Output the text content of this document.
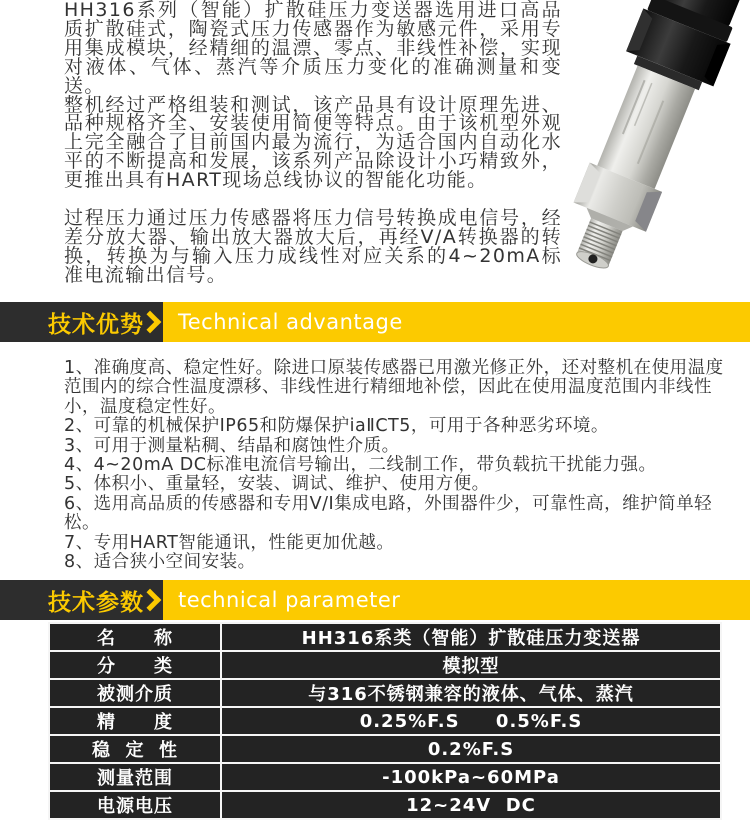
HH316系列（智能）扩散硅压力变送器选用进口高品质扩散硅式，陶瓷式压力传感器作为敏感元件，采用专用集成模块，经精细的温漂、零点、非线性补偿，实现对液体、气体、蒸汽等介质压力变化的准确测量和变送。

整机经过严格组装和测试，该产品具有设计原理先进、品种规格齐全、安装使用简便等特点。由于该机型外观上完全融合了目前国内最为流行，为适合国内自动化水平的不断提高和发展，该系列产品除设计小巧精致外，更推出具有HART现场总线协议的智能化功能。

过程压力通过压力传感器将压力信号转换成电信号，经差分放大器、输出放大器放大后，再经V/A转换器的转换，转换为与输入压力成线性对应关系的4~20mA标准电流输出信号。

Technical advantage
技术优势

1、准确度高、稳定性好。除进口原装传感器已用激光修正外，还对整机在使用温度范围内的综合性温度漂移、非线性进行精细地补偿，因此在使用温度范围内非线性小，温度稳定性好。

2、可靠的机械保护IP65和防爆保护iaⅡCT5，可用于各种恶劣环境。

3、可用于测量粘稠、结晶和腐蚀性介质。

4、4~20mA DC标准电流信号输出，二线制工作，带负载抗干扰能力强。

5、体积小、重量轻，安装、调试、维护、使用方便。

6、选用高品质的传感器和专用V/I集成电路，外围器件少，可靠性高，维护简单轻松。

7、专用HART智能通讯，性能更加优越。

8、适合狭小空间安装。

technical parameter
技术参数
名　　称	HH316系类（智能）扩散硅压力变送器
分　　类	模拟型
被测介质	与316不锈钢兼容的液体、气体、蒸汽
精　　度	0.25%F.S     0.5%F.S
稳  定  性	0.2%F.S
测量范围	-100kPa~60MPa
电源电压	12~24V  DC
